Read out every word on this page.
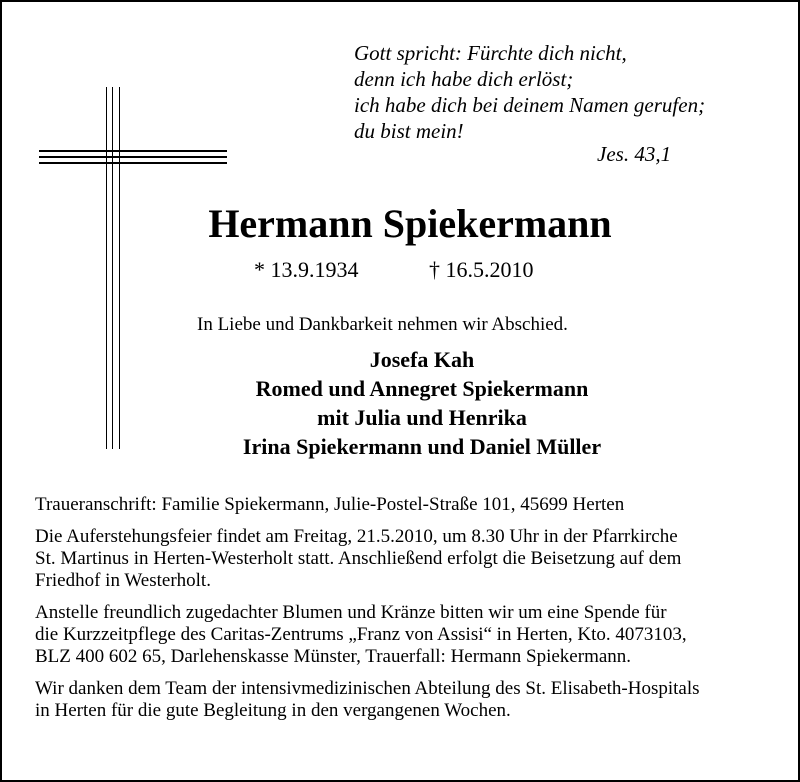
Gott spricht: Fürchte dich nicht,

denn ich habe dich erlöst;

ich habe dich bei deinem Namen gerufen;

du bist mein!

Jes. 43,1
Hermann Spiekermann
* 13.9.1934	† 16.5.2010
In Liebe und Dankbarkeit nehmen wir Abschied.
Josefa Kah
Romed und Annegret Spiekermann
mit Julia und Henrika
Irina Spiekermann und Daniel Müller

Traueranschrift: Familie Spiekermann, Julie-Postel-Straße 101, 45699 Herten

Die Auferstehungsfeier findet am Freitag, 21.5.2010, um 8.30 Uhr in der Pfarrkirche
St. Martinus in Herten-Westerholt statt. Anschließend erfolgt die Beisetzung auf dem
Friedhof in Westerholt.

Anstelle freundlich zugedachter Blumen und Kränze bitten wir um eine Spende für
die Kurzzeitpflege des Caritas-Zentrums „Franz von Assisi“ in Herten, Kto. 4073103,
BLZ 400 602 65, Darlehenskasse Münster, Trauerfall: Hermann Spiekermann.

Wir danken dem Team der intensivmedizinischen Abteilung des St. Elisabeth-Hospitals
in Herten für die gute Begleitung in den vergangenen Wochen.
